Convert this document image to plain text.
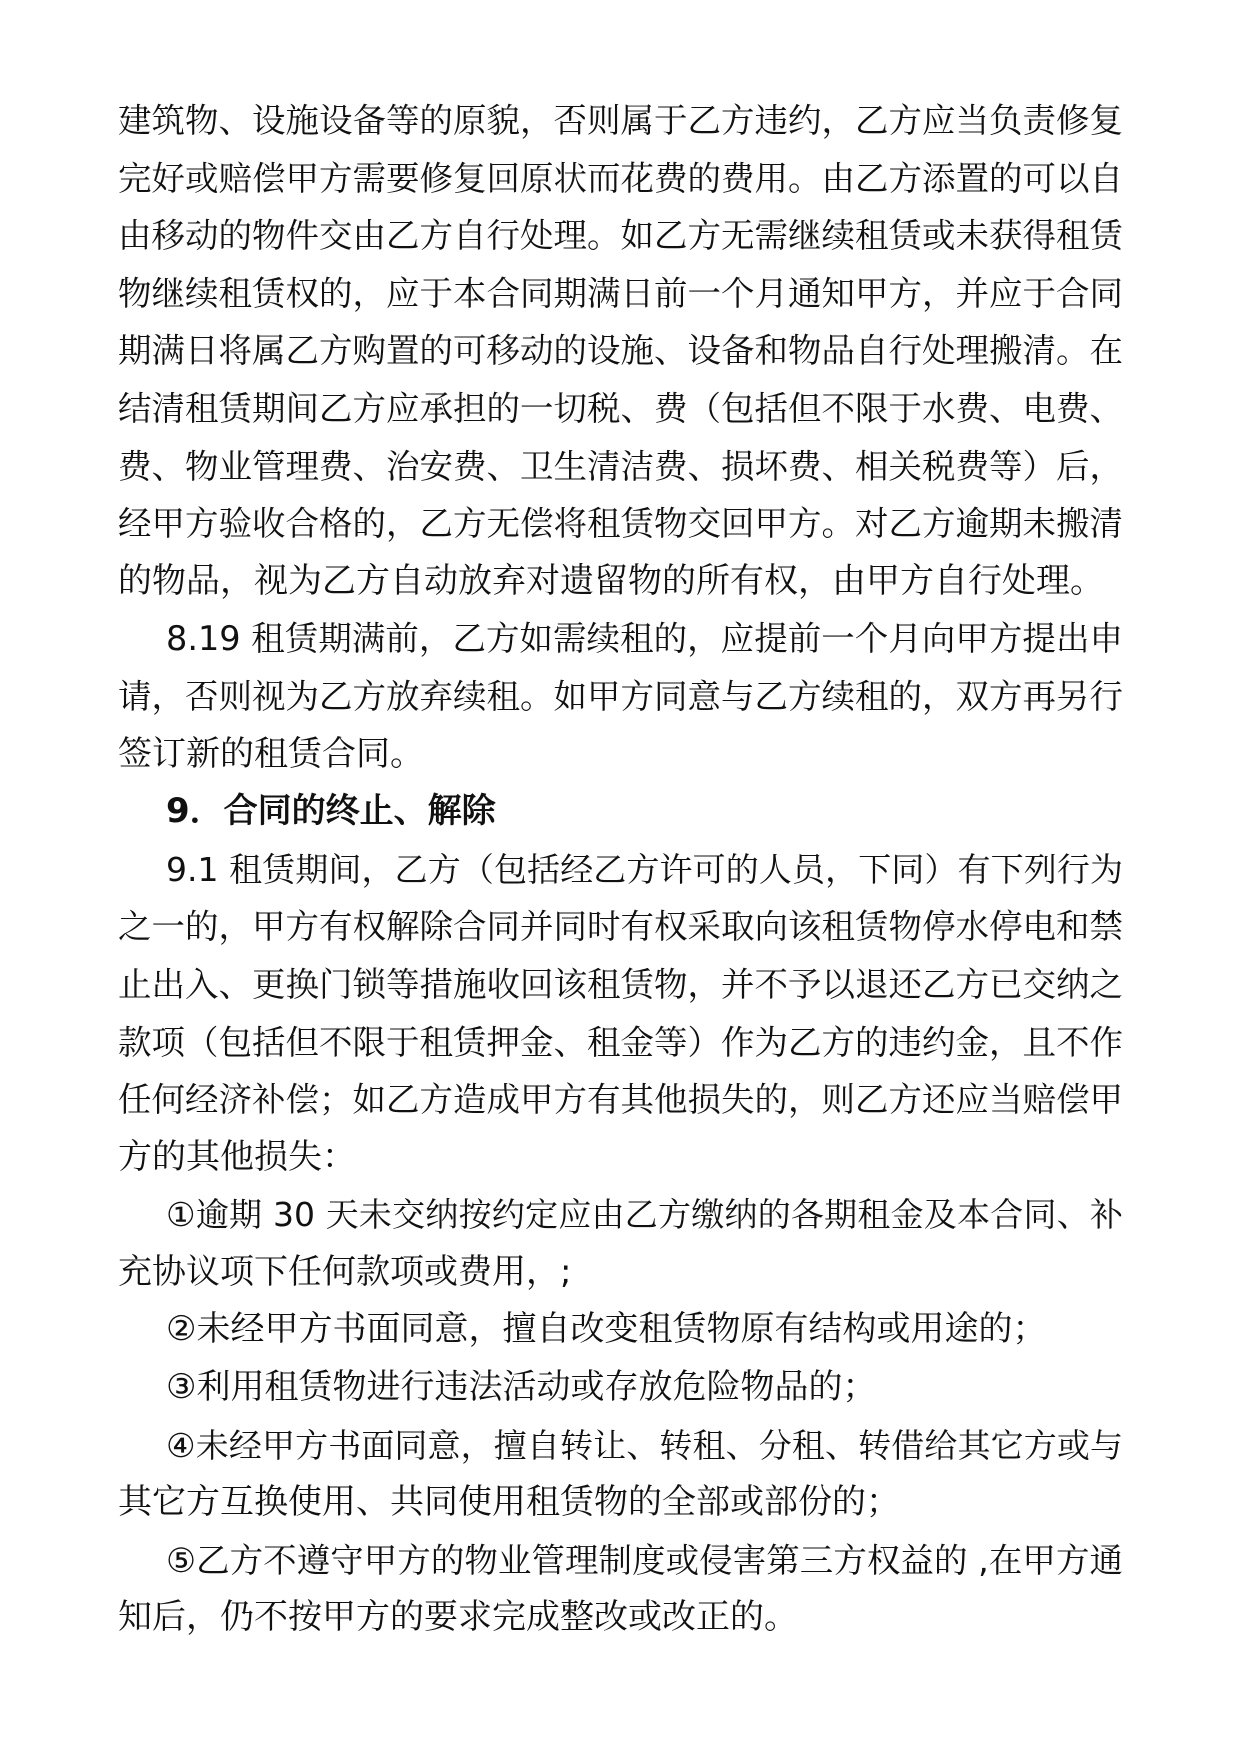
建筑物、设施设备等的原貌，否则属于乙方违约，乙方应当负责修复
完好或赔偿甲方需要修复回原状而花费的费用。由乙方添置的可以自
由移动的物件交由乙方自行处理。如乙方无需继续租赁或未获得租赁
物继续租赁权的，应于本合同期满日前一个月通知甲方，并应于合同
期满日将属乙方购置的可移动的设施、设备和物品自行处理搬清。在
结清租赁期间乙方应承担的一切税、费（包括但不限于水费、电费、
费、物业管理费、治安费、卫生清洁费、损坏费、相关税费等）后，
经甲方验收合格的，乙方无偿将租赁物交回甲方。对乙方逾期未搬清
的物品，视为乙方自动放弃对遗留物的所有权，由甲方自行处理。
8.19 租赁期满前，乙方如需续租的，应提前一个月向甲方提出申
请，否则视为乙方放弃续租。如甲方同意与乙方续租的，双方再另行
签订新的租赁合同。
9．合同的终止、解除
9.1 租赁期间，乙方（包括经乙方许可的人员，下同）有下列行为
之一的，甲方有权解除合同并同时有权采取向该租赁物停水停电和禁
止出入、更换门锁等措施收回该租赁物，并不予以退还乙方已交纳之
款项（包括但不限于租赁押金、租金等）作为乙方的违约金，且不作
任何经济补偿；如乙方造成甲方有其他损失的，则乙方还应当赔偿甲
方的其他损失：
①逾期 30 天未交纳按约定应由乙方缴纳的各期租金及本合同、补
充协议项下任何款项或费用，;
②未经甲方书面同意，擅自改变租赁物原有结构或用途的；
③利用租赁物进行违法活动或存放危险物品的；
④未经甲方书面同意，擅自转让、转租、分租、转借给其它方或与
其它方互换使用、共同使用租赁物的全部或部份的；
⑤乙方不遵守甲方的物业管理制度或侵害第三方权益的 ,在甲方通
知后，仍不按甲方的要求完成整改或改正的。
